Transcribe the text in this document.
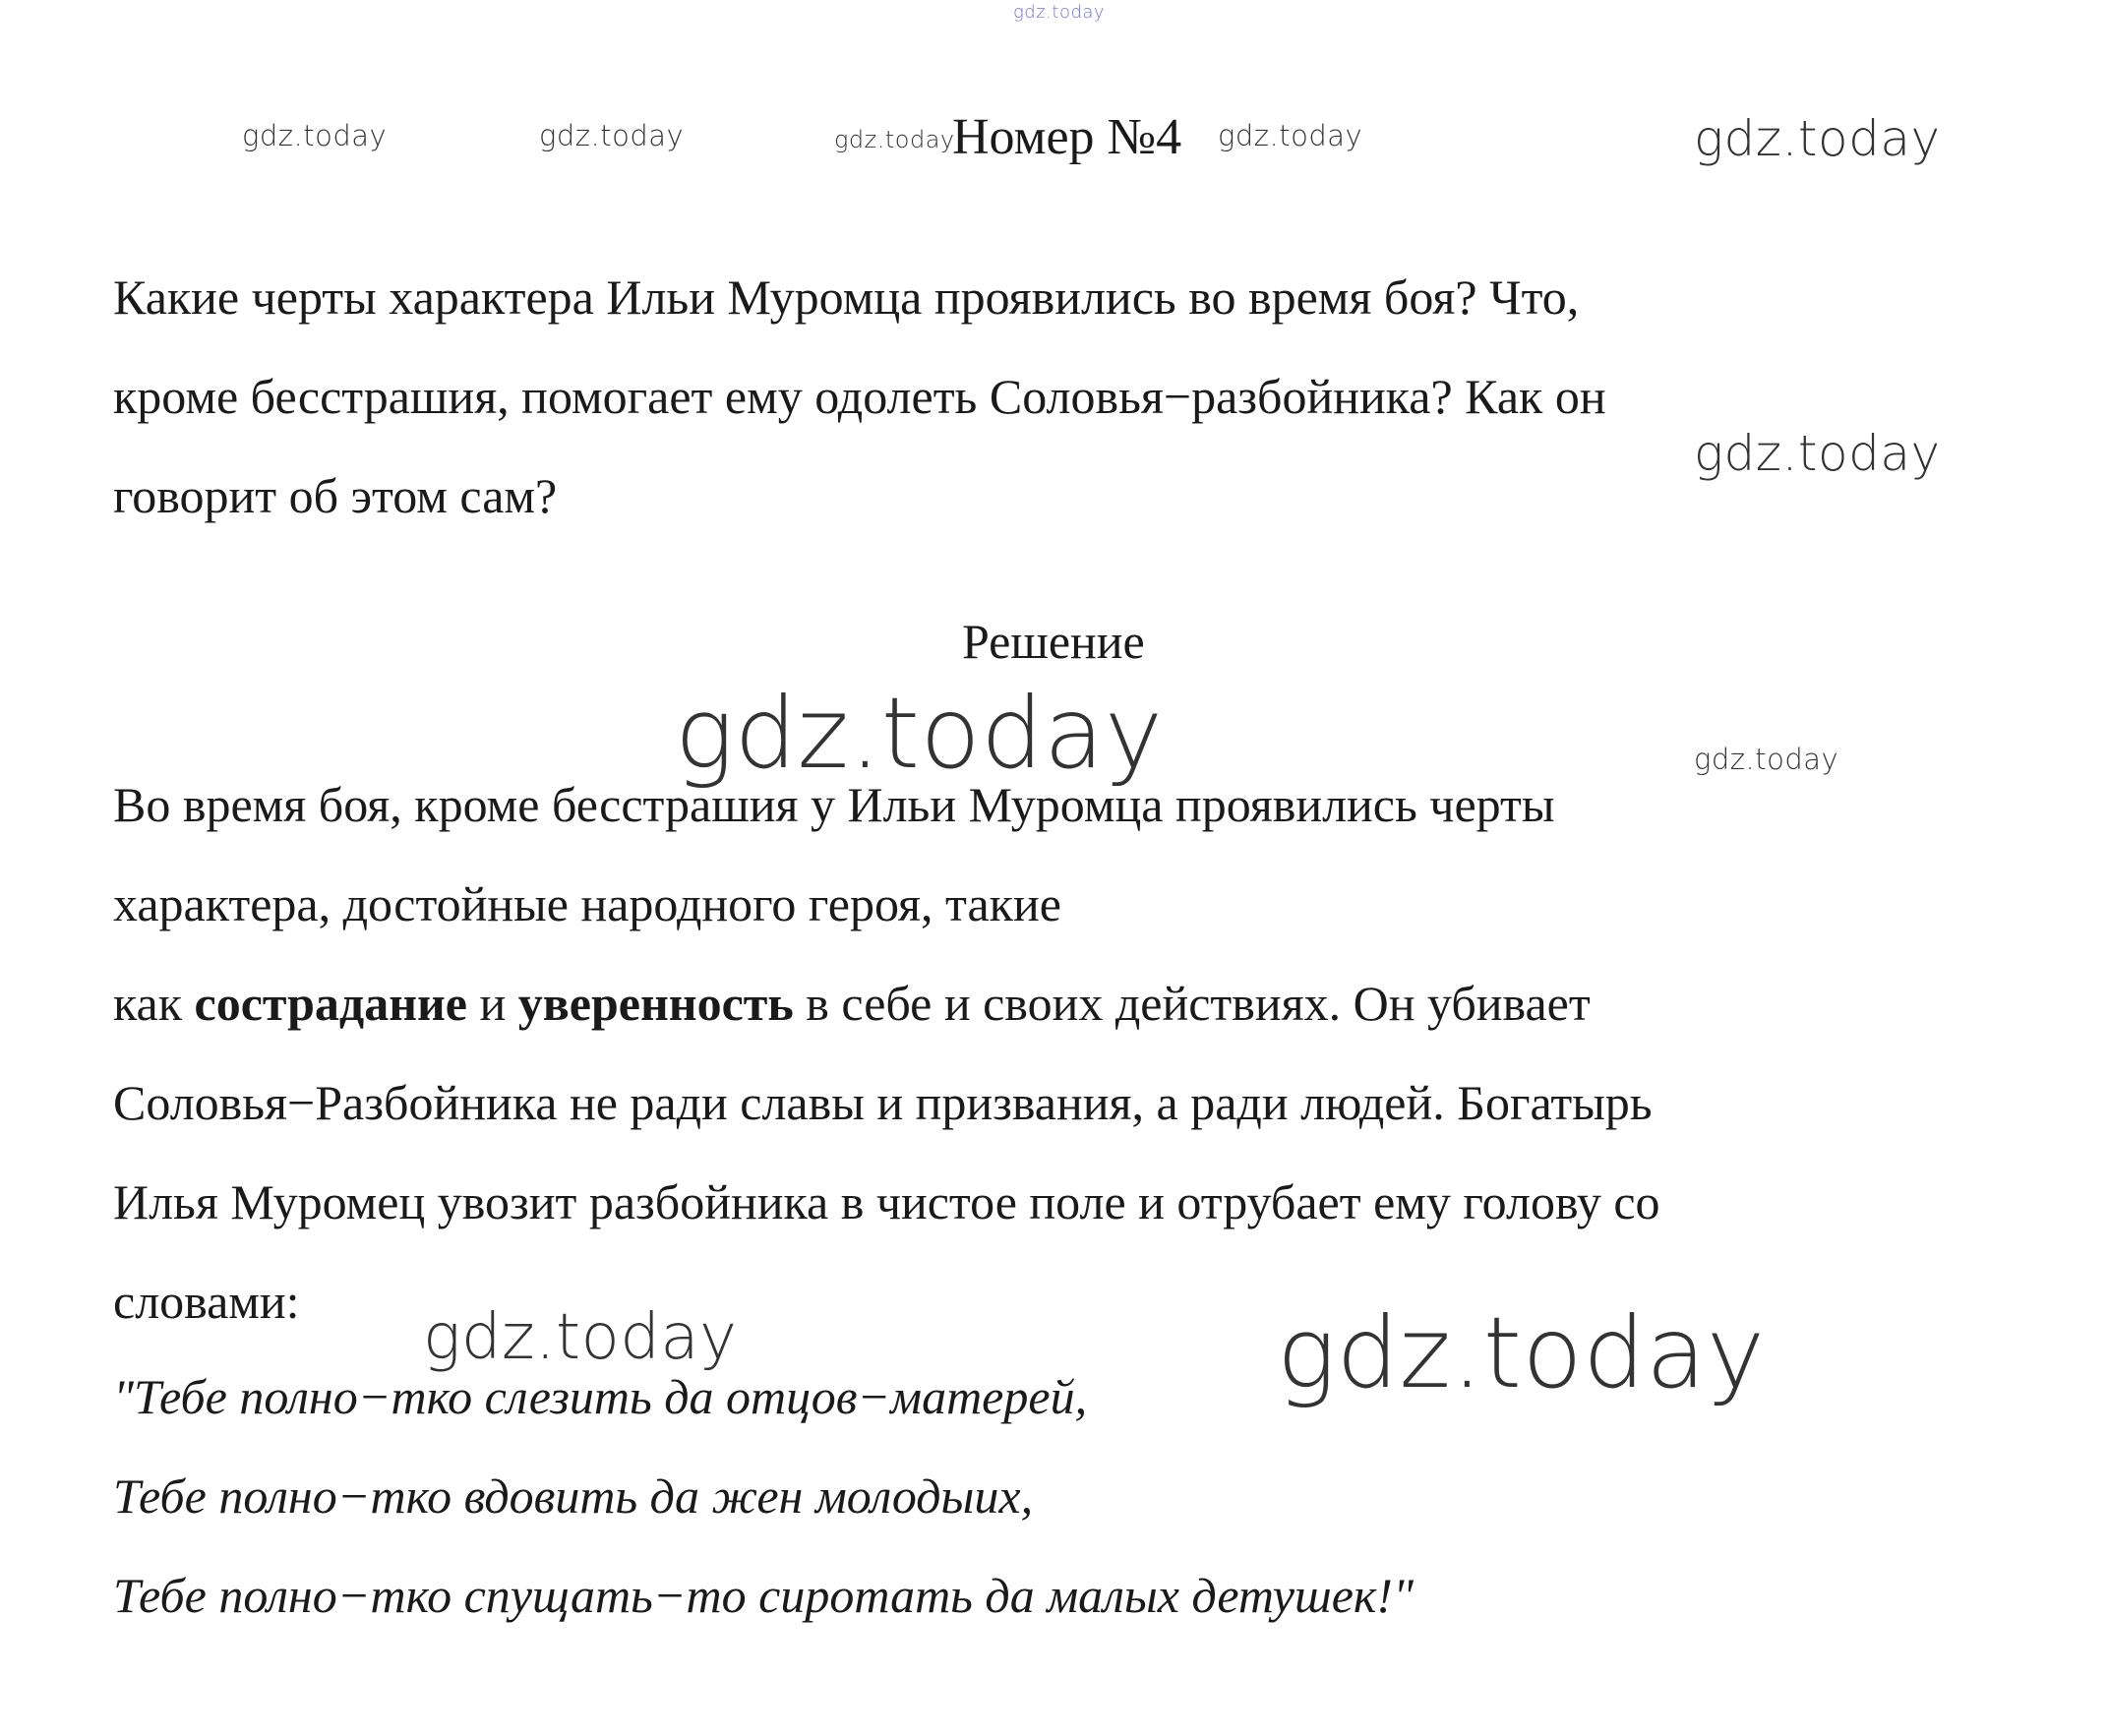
gdz.today
gdz.today	gdz.today	gdz.today	gdz.today	gdz.today
Номер №4

Какие черты характера Ильи Муромца проявились во время боя? Что,
кроме бесстрашия, помогает ему одолеть Соловья−разбойника? Как он
говорит об этом сам?

gdz.today
Решение
gdz.today	gdz.today

Во время боя, кроме бесстрашия у Ильи Муромца проявились черты
характера, достойные народного героя, такие
как сострадание и уверенность в себе и своих действиях. Он убивает
Соловья−Разбойника не ради славы и призвания, а ради людей. Богатырь
Илья Муромец увозит разбойника в чистое поле и отрубает ему голову со
словами:

"Тебе полно−тко слезить да отцов−матерей,
Тебе полно−тко вдовить да жен молодыих,
Тебе полно−тко спущать−то сиротать да малых детушек!"

gdz.today	gdz.today
